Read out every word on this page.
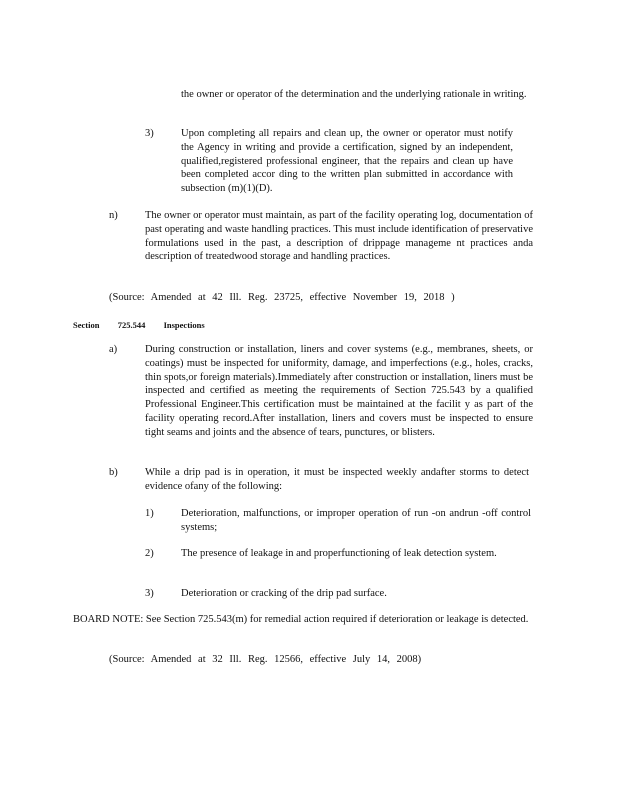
the owner or operator of the determination and the underlying rationale in writing.
3)	Upon completing all repairs and clean up, the owner or operator must notify the Agency in writing and provide a certification, signed by an independent, qualified,registered professional engineer, that the repairs and clean up have been completed accor ding to the written plan submitted in accordance with subsection (m)(1)(D).
n)	The owner or operator must maintain, as part of the facility operating log, documentation of past operating and waste handling practices. This must include identification of preservative formulations used in the past, a description of drippage manageme nt practices anda description of treatedwood storage and handling practices.
(Source: Amended at 42 Ill. Reg. 23725, effective November 19, 2018 )
Section 725.544 Inspections
a)	During construction or installation, liners and cover systems (e.g., membranes, sheets, or coatings) must be inspected for uniformity, damage, and imperfections (e.g., holes, cracks, thin spots,or foreign materials).Immediately after construction or installation, liners must be inspected and certified as meeting the requirements of Section 725.543 by a qualified Professional Engineer.This certification must be maintained at the facilit y as part of the facility operating record.After installation, liners and covers must be inspected to ensure tight seams and joints and the absence of tears, punctures, or blisters.
b)	While a drip pad is in operation, it must be inspected weekly andafter storms to detect evidence ofany of the following:
1)	Deterioration, malfunctions, or improper operation of run -on andrun -off control systems;
2)	The presence of leakage in and properfunctioning of leak detection system.
3)	Deterioration or cracking of the drip pad surface.
BOARD NOTE: See Section 725.543(m) for remedial action required if deterioration or leakage is detected.
(Source: Amended at 32 Ill. Reg. 12566, effective July 14, 2008)
